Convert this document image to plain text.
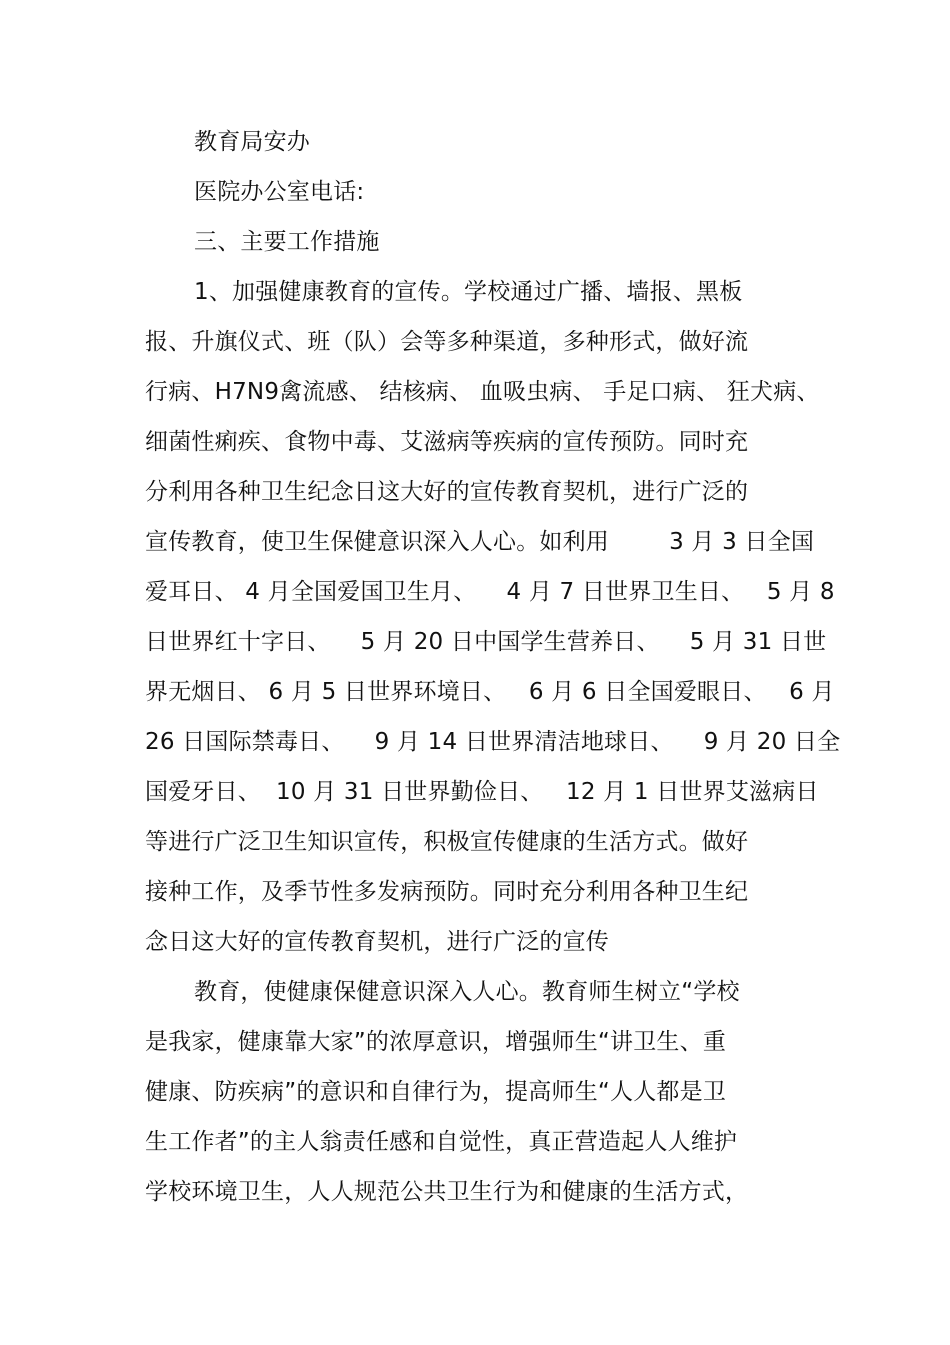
教育局安办
医院办公室电话:
三、主要工作措施
1、加强健康教育的宣传。学校通过广播、墙报、黑板
报、升旗仪式、班（队）会等多种渠道，多种形式，做好流
行病、H7N9禽流感、 结核病、 血吸虫病、 手足口病、 狂犬病、
细菌性痢疾、食物中毒、艾滋病等疾病的宣传预防。同时充
分利用各种卫生纪念日这大好的宣传教育契机，进行广泛的
宣传教育，使卫生保健意识深入人心。如利用        3 月 3 日全国
爱耳日、 4 月全国爱国卫生月、    4 月 7 日世界卫生日、   5 月 8
日世界红十字日、    5 月 20 日中国学生营养日、    5 月 31 日世
界无烟日、 6 月 5 日世界环境日、   6 月 6 日全国爱眼日、   6 月
26 日国际禁毒日、    9 月 14 日世界清洁地球日、    9 月 20 日全
国爱牙日、  10 月 31 日世界勤俭日、   12 月 1 日世界艾滋病日
等进行广泛卫生知识宣传，积极宣传健康的生活方式。做好
接种工作，及季节性多发病预防。同时充分利用各种卫生纪
念日这大好的宣传教育契机，进行广泛的宣传
教育，使健康保健意识深入人心。教育师生树立“学校
是我家，健康靠大家”的浓厚意识，增强师生“讲卫生、重
健康、防疾病”的意识和自律行为，提高师生“人人都是卫
生工作者”的主人翁责任感和自觉性，真正营造起人人维护
学校环境卫生，人人规范公共卫生行为和健康的生活方式，
